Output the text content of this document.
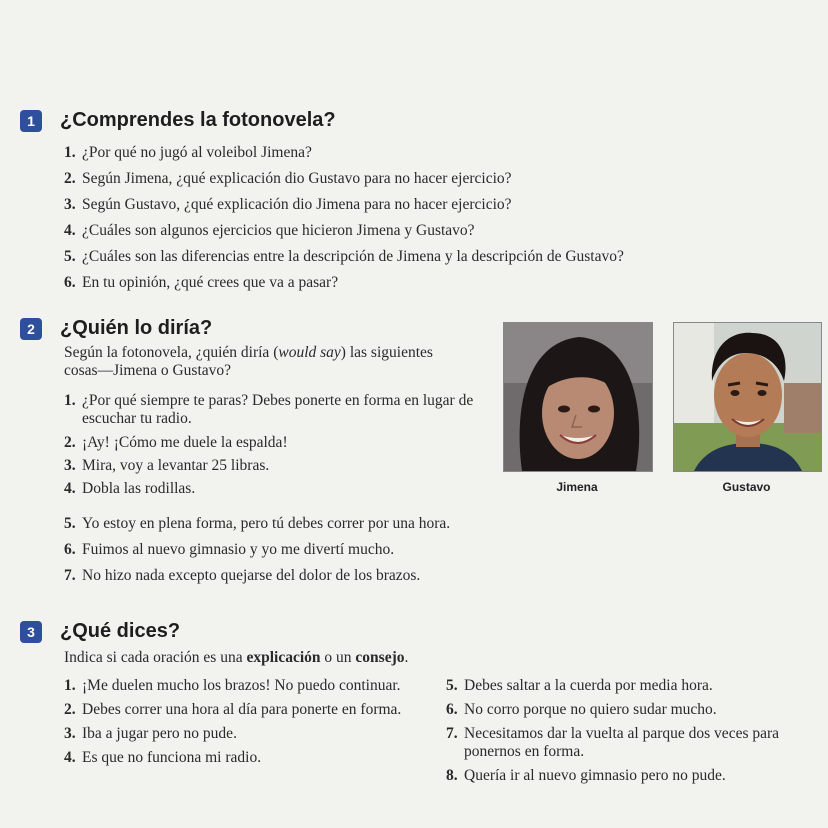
1	¿Comprendes la fotonovela?
1. ¿Por qué no jugó al voleibol Jimena?
2. Según Jimena, ¿qué explicación dio Gustavo para no hacer ejercicio?
3. Según Gustavo, ¿qué explicación dio Jimena para no hacer ejercicio?
4. ¿Cuáles son algunos ejercicios que hicieron Jimena y Gustavo?
5. ¿Cuáles son las diferencias entre la descripción de Jimena y la descripción de Gustavo?
6. En tu opinión, ¿qué crees que va a pasar?
2	¿Quién lo diría?
Según la fotonovela, ¿quién diría (would say) las siguientes cosas—Jimena o Gustavo?
1. ¿Por qué siempre te paras? Debes ponerte en forma en lugar de escuchar tu radio.
2. ¡Ay! ¡Cómo me duele la espalda!
3. Mira, voy a levantar 25 libras.
4. Dobla las rodillas.
5. Yo estoy en plena forma, pero tú debes correr por una hora.
6. Fuimos al nuevo gimnasio y yo me divertí mucho.
7. No hizo nada excepto quejarse del dolor de los brazos.
Jimena	Gustavo
3	¿Qué dices?
Indica si cada oración es una explicación o un consejo.
1. ¡Me duelen mucho los brazos! No puedo continuar.
2. Debes correr una hora al día para ponerte en forma.
3. Iba a jugar pero no pude.
4. Es que no funciona mi radio.
5. Debes saltar a la cuerda por media hora.
6. No corro porque no quiero sudar mucho.
7. Necesitamos dar la vuelta al parque dos veces para ponernos en forma.
8. Quería ir al nuevo gimnasio pero no pude.
